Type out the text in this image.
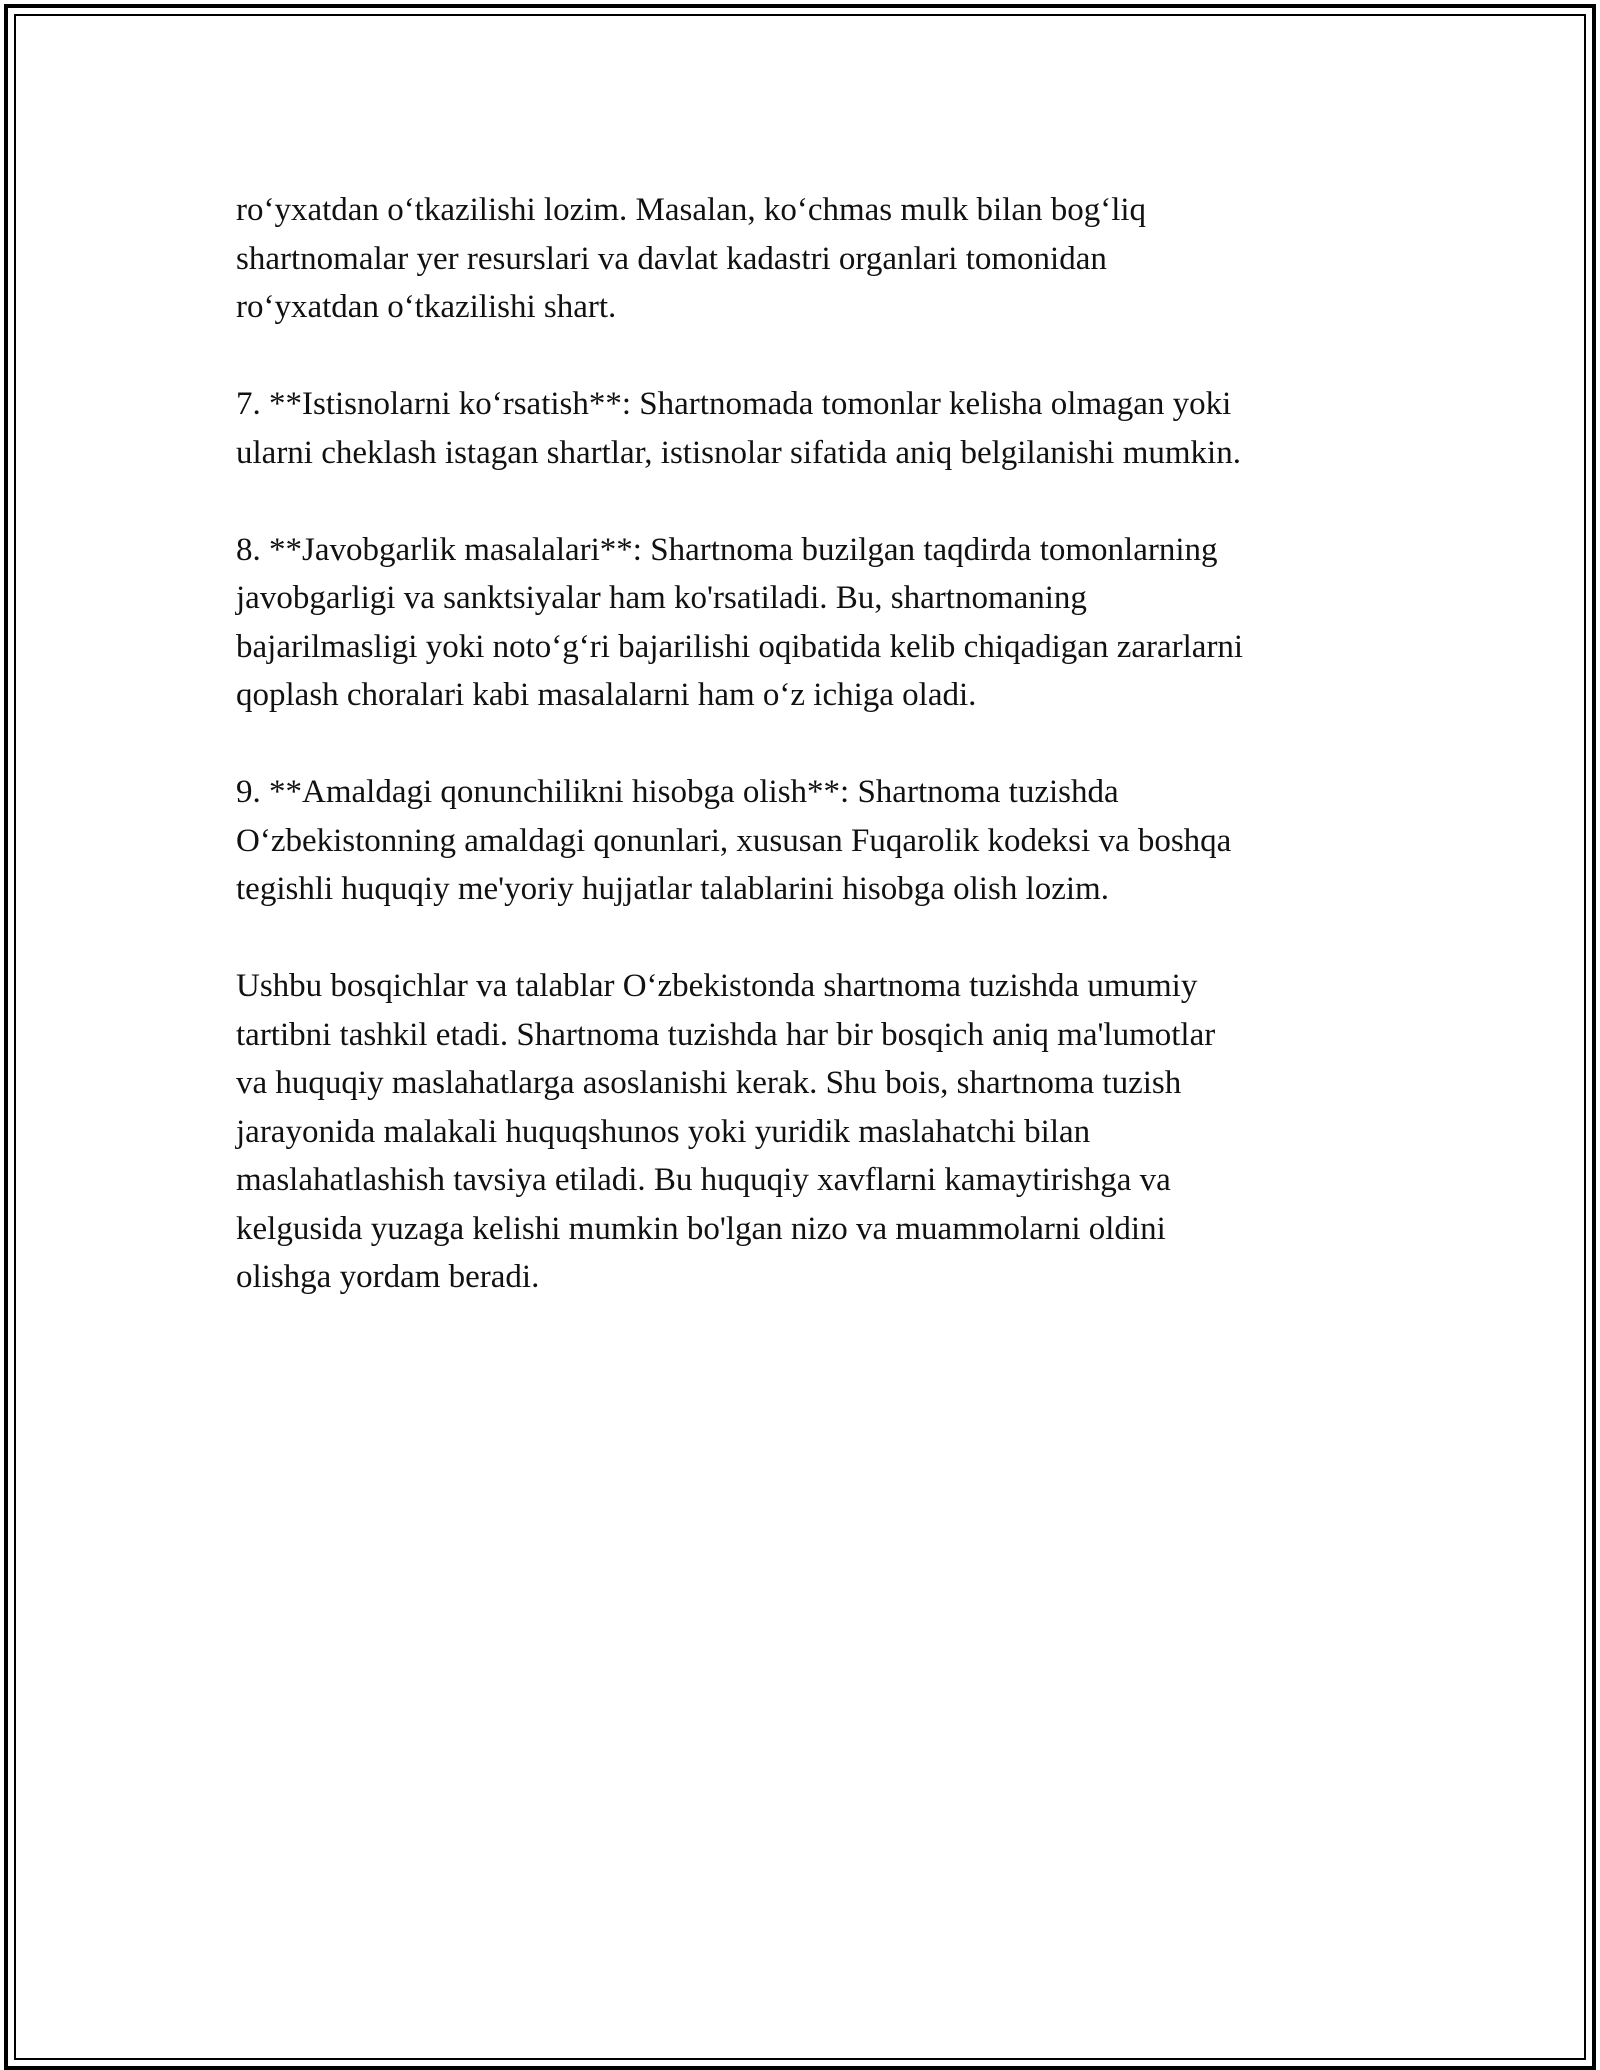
ro‘yxatdan o‘tkazilishi lozim. Masalan, ko‘chmas mulk bilan bog‘liq
shartnomalar yer resurslari va davlat kadastri organlari tomonidan
ro‘yxatdan o‘tkazilishi shart.
7. **Istisnolarni ko‘rsatish**: Shartnomada tomonlar kelisha olmagan yoki
ularni cheklash istagan shartlar, istisnolar sifatida aniq belgilanishi mumkin.
8. **Javobgarlik masalalari**: Shartnoma buzilgan taqdirda tomonlarning
javobgarligi va sanktsiyalar ham ko'rsatiladi. Bu, shartnomaning
bajarilmasligi yoki noto‘g‘ri bajarilishi oqibatida kelib chiqadigan zararlarni
qoplash choralari kabi masalalarni ham o‘z ichiga oladi.
9. **Amaldagi qonunchilikni hisobga olish**: Shartnoma tuzishda
O‘zbekistonning amaldagi qonunlari, xususan Fuqarolik kodeksi va boshqa
tegishli huquqiy me'yoriy hujjatlar talablarini hisobga olish lozim.
Ushbu bosqichlar va talablar O‘zbekistonda shartnoma tuzishda umumiy
tartibni tashkil etadi. Shartnoma tuzishda har bir bosqich aniq ma'lumotlar
va huquqiy maslahatlarga asoslanishi kerak. Shu bois, shartnoma tuzish
jarayonida malakali huquqshunos yoki yuridik maslahatchi bilan
maslahatlashish tavsiya etiladi. Bu huquqiy xavflarni kamaytirishga va
kelgusida yuzaga kelishi mumkin bo'lgan nizo va muammolarni oldini
olishga yordam beradi.
